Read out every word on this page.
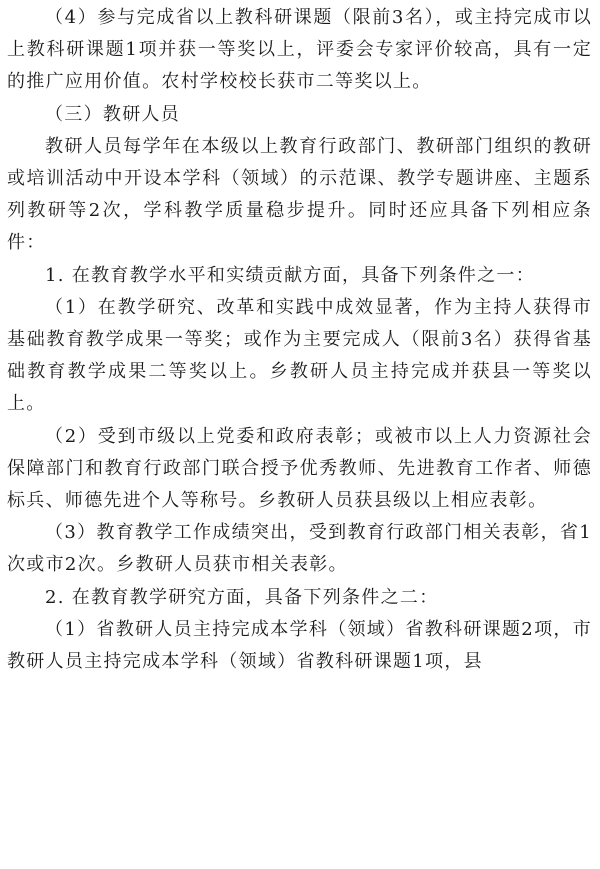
（4）参与完成省以上教科研课题（限前3名），或主持完成市以上教科研课题1项并获一等奖以上，评委会专家评价较高，具有一定的推广应用价值。农村学校校长获市二等奖以上。

（三）教研人员

教研人员每学年在本级以上教育行政部门、教研部门组织的教研或培训活动中开设本学科（领域）的示范课、教学专题讲座、主题系列教研等2次，学科教学质量稳步提升。同时还应具备下列相应条件：

1. 在教育教学水平和实绩贡献方面，具备下列条件之一：

（1）在教学研究、改革和实践中成效显著，作为主持人获得市基础教育教学成果一等奖；或作为主要完成人（限前3名）获得省基础教育教学成果二等奖以上。乡教研人员主持完成并获县一等奖以上。

（2）受到市级以上党委和政府表彰；或被市以上人力资源社会保障部门和教育行政部门联合授予优秀教师、先进教育工作者、师德标兵、师德先进个人等称号。乡教研人员获县级以上相应表彰。

（3）教育教学工作成绩突出，受到教育行政部门相关表彰，省1次或市2次。乡教研人员获市相关表彰。

2. 在教育教学研究方面，具备下列条件之二：

（1）省教研人员主持完成本学科（领域）省教科研课题2项，市教研人员主持完成本学科（领域）省教科研课题1项，县
